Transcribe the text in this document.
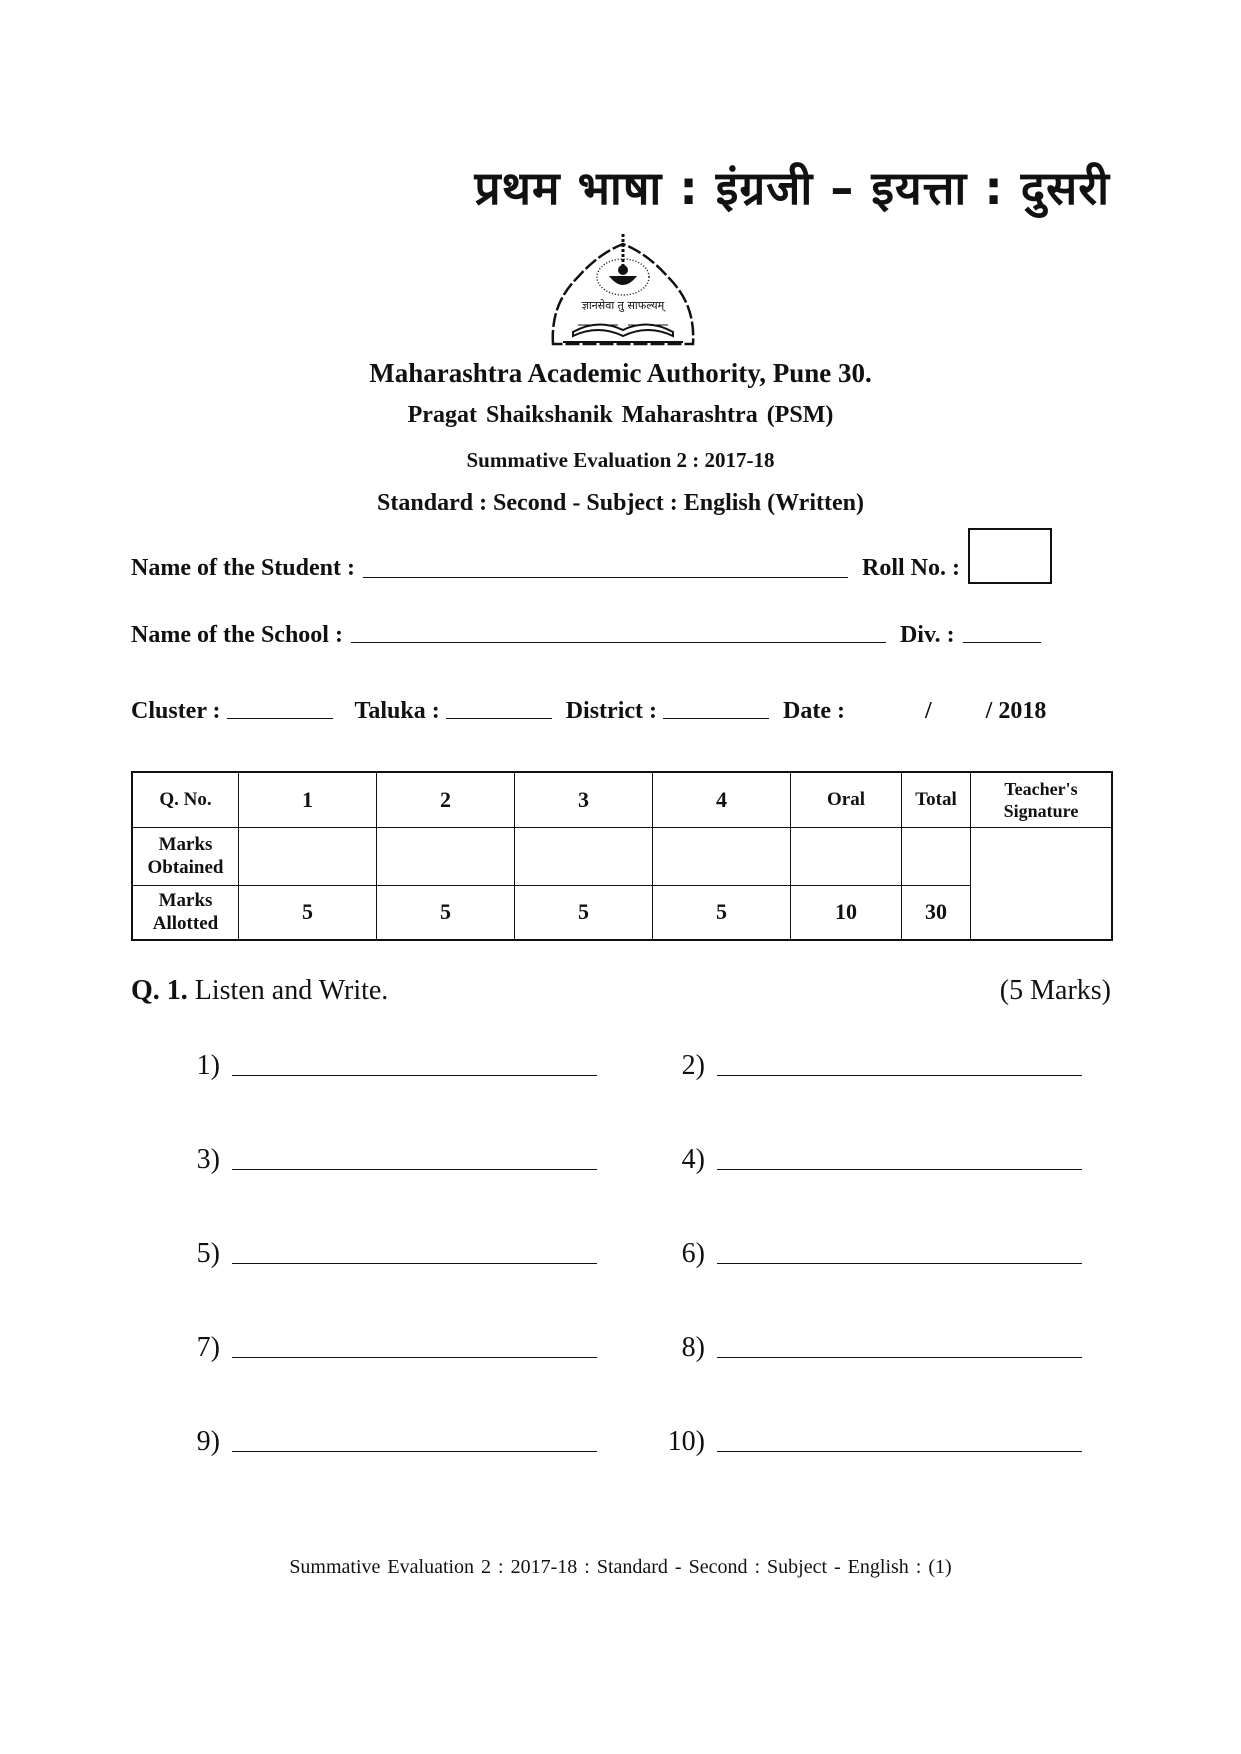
प्रथम भाषा : इंग्रजी – इयत्ता : दुसरी
ज्ञानसेवा तु साफल्यम्
Maharashtra Academic Authority, Pune 30.
Pragat Shaikshanik Maharashtra (PSM)
Summative Evaluation 2 : 2017-18
Standard : Second - Subject : English (Written)
Name of the Student :	Roll No. :
Name of the School :	Div. :
Cluster :	Taluka :	District :	Date :	/ / 2018
Q. No.	1	2	3	4	Oral	Total	Teacher's Signature
Marks Obtained							
Marks Allotted	5	5	5	5	10	30	
Q. 1. Listen and Write.	(5 Marks)
1)	2)
3)	4)
5)	6)
7)	8)
9)	10)
Summative Evaluation 2 : 2017-18 : Standard - Second : Subject - English : (1)
